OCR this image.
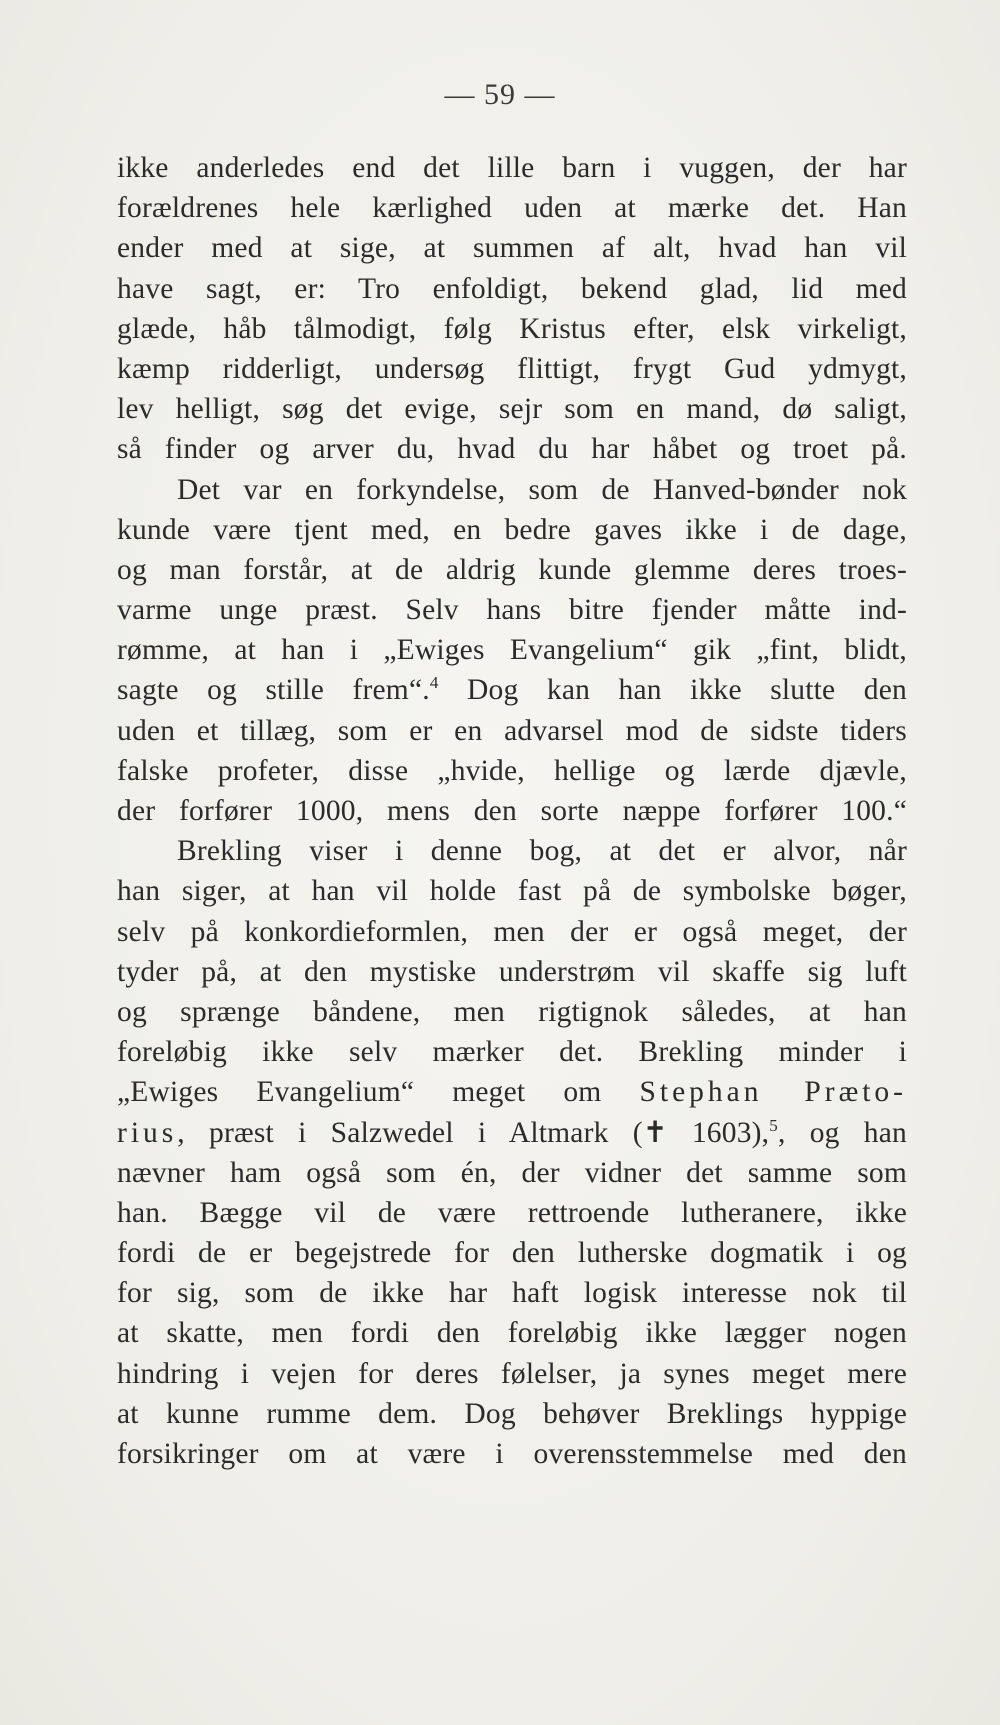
— 59 —
ikke anderledes end det lille barn i vuggen, der har
forældrenes hele kærlighed uden at mærke det. Han
ender med at sige, at summen af alt, hvad han vil
have sagt, er: Tro enfoldigt, bekend glad, lid med
glæde, håb tålmodigt, følg Kristus efter, elsk virkeligt,
kæmp ridderligt, undersøg flittigt, frygt Gud ydmygt,
lev helligt, søg det evige, sejr som en mand, dø saligt,
så finder og arver du, hvad du har håbet og troet på.
Det var en forkyndelse, som de Hanved-bønder nok
kunde være tjent med, en bedre gaves ikke i de dage,
og man forstår, at de aldrig kunde glemme deres troes-
varme unge præst. Selv hans bitre fjender måtte ind-
rømme, at han i „Ewiges Evangelium“ gik „fint, blidt,
sagte og stille frem“.$^4$ Dog kan han ikke slutte den
uden et tillæg, som er en advarsel mod de sidste tiders
falske profeter, disse „hvide, hellige og lærde djævle,
der forfører 1000, mens den sorte næppe forfører 100.“
Brekling viser i denne bog, at det er alvor, når
han siger, at han vil holde fast på de symbolske bøger,
selv på konkordieformlen, men der er også meget, der
tyder på, at den mystiske understrøm vil skaffe sig luft
og sprænge båndene, men rigtignok således, at han
foreløbig ikke selv mærker det. Brekling minder i
„Ewiges Evangelium“ meget om Stephan Præto-
rius, præst i Salzwedel i Altmark (✝ 1603),$^5$, og han
nævner ham også som én, der vidner det samme som
han. Bægge vil de være rettroende lutheranere, ikke
fordi de er begejstrede for den lutherske dogmatik i og
for sig, som de ikke har haft logisk interesse nok til
at skatte, men fordi den foreløbig ikke lægger nogen
hindring i vejen for deres følelser, ja synes meget mere
at kunne rumme dem. Dog behøver Breklings hyppige
forsikringer om at være i overensstemmelse med den
